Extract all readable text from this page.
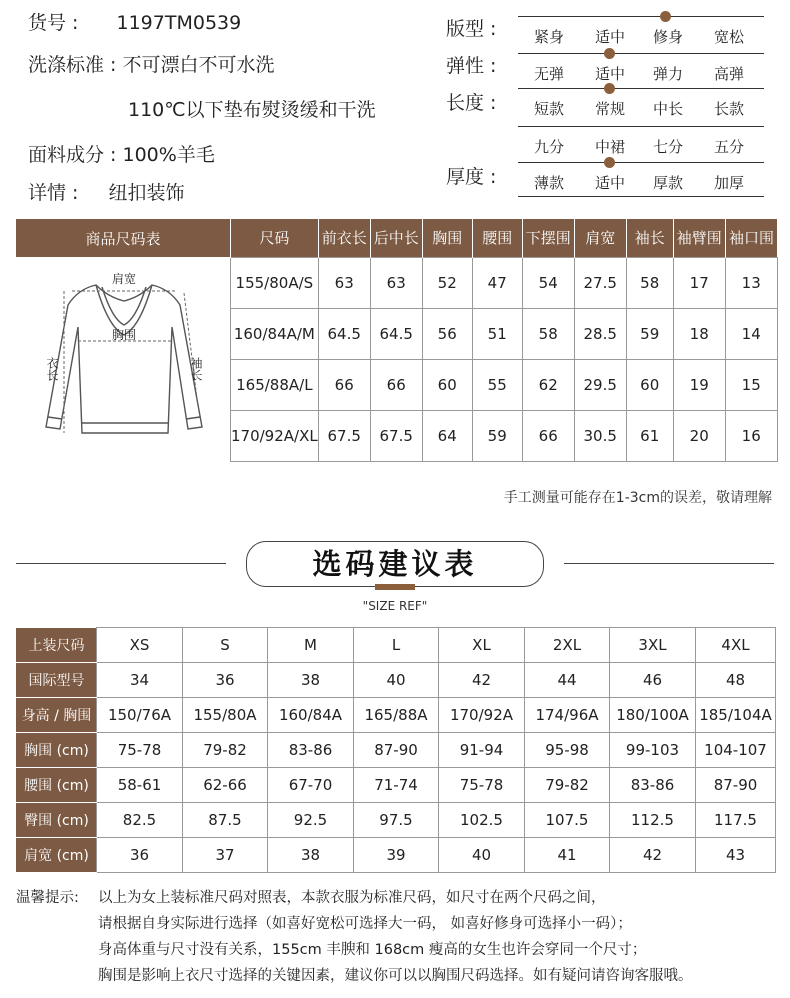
货号 : 1197TM0539
洗涤标准 : 不可漂白不可水洗
110℃以下垫布熨烫缓和干洗
面料成分 : 100%羊毛
详情 : 纽扣装饰
版型 :	紧身	适中	修身	宽松
弹性 :	无弹	适中	弹力	高弹
长度 :	短款	常规	中长	长款
九分	中裙	七分	五分
厚度 :	薄款	适中	厚款	加厚
商品尺码表	尺码	前衣长	后中长	胸围	腰围	下摆围	肩宽	袖长	袖臂围	袖口围

肩宽
胸围
衣长 袖长	155/80A/S	63	63	52	47	54	27.5	58	17	13
	160/84A/M	64.5	64.5	56	51	58	28.5	59	18	14
	165/88A/L	66	66	60	55	62	29.5	60	19	15
	170/92A/XL	67.5	67.5	64	59	66	30.5	61	20	16
手工测量可能存在1-3cm的误差，敬请理解
选码建议表
"SIZE REF"
上装尺码	XS	S	M	L	XL	2XL	3XL	4XL
国际型号	34	36	38	40	42	44	46	48
身高 / 胸围	150/76A	155/80A	160/84A	165/88A	170/92A	174/96A	180/100A	185/104A
胸围 (cm)	75-78	79-82	83-86	87-90	91-94	95-98	99-103	104-107
腰围 (cm)	58-61	62-66	67-70	71-74	75-78	79-82	83-86	87-90
臀围 (cm)	82.5	87.5	92.5	97.5	102.5	107.5	112.5	117.5
肩宽 (cm)	36	37	38	39	40	41	42	43
温馨提示: 以上为女上装标准尺码对照表，本款衣服为标准尺码，如尺寸在两个尺码之间，
请根据自身实际进行选择（如喜好宽松可选择大一码， 如喜好修身可选择小一码）；
身高体重与尺寸没有关系，155cm 丰腴和 168cm 瘦高的女生也许会穿同一个尺寸；
胸围是影响上衣尺寸选择的关键因素，建议你可以以胸围尺码选择。如有疑问请咨询客服哦。
